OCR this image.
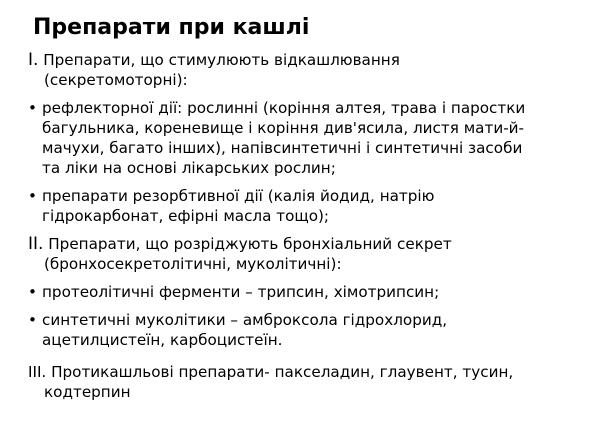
Препарати при кашлі
I. Препарати, що стимулюють відкашлювання
(секретомоторні):
• рефлекторної дії: рослинні (коріння алтея, трава і паростки
багульника, кореневище і коріння див'ясила, листя мати-й-
мачухи, багато інших), напівсинтетичні і синтетичні засоби
та ліки на основі лікарських рослин;
• препарати резорбтивної дії (калія йодид, натрію
гідрокарбонат, ефірні масла тощо);
II. Препарати, що розріджують бронхіальний секрет
(бронхосекретолітичні, муколітичні):
• протеолітичні ферменти – трипсин, хімотрипсин;
• синтетичні муколітики – амброксола гідрохлорид,
ацетилцистеїн, карбоцистеїн.
III. Протикашльові препарати- пакселадин, глаувент, тусин,
кодтерпин
